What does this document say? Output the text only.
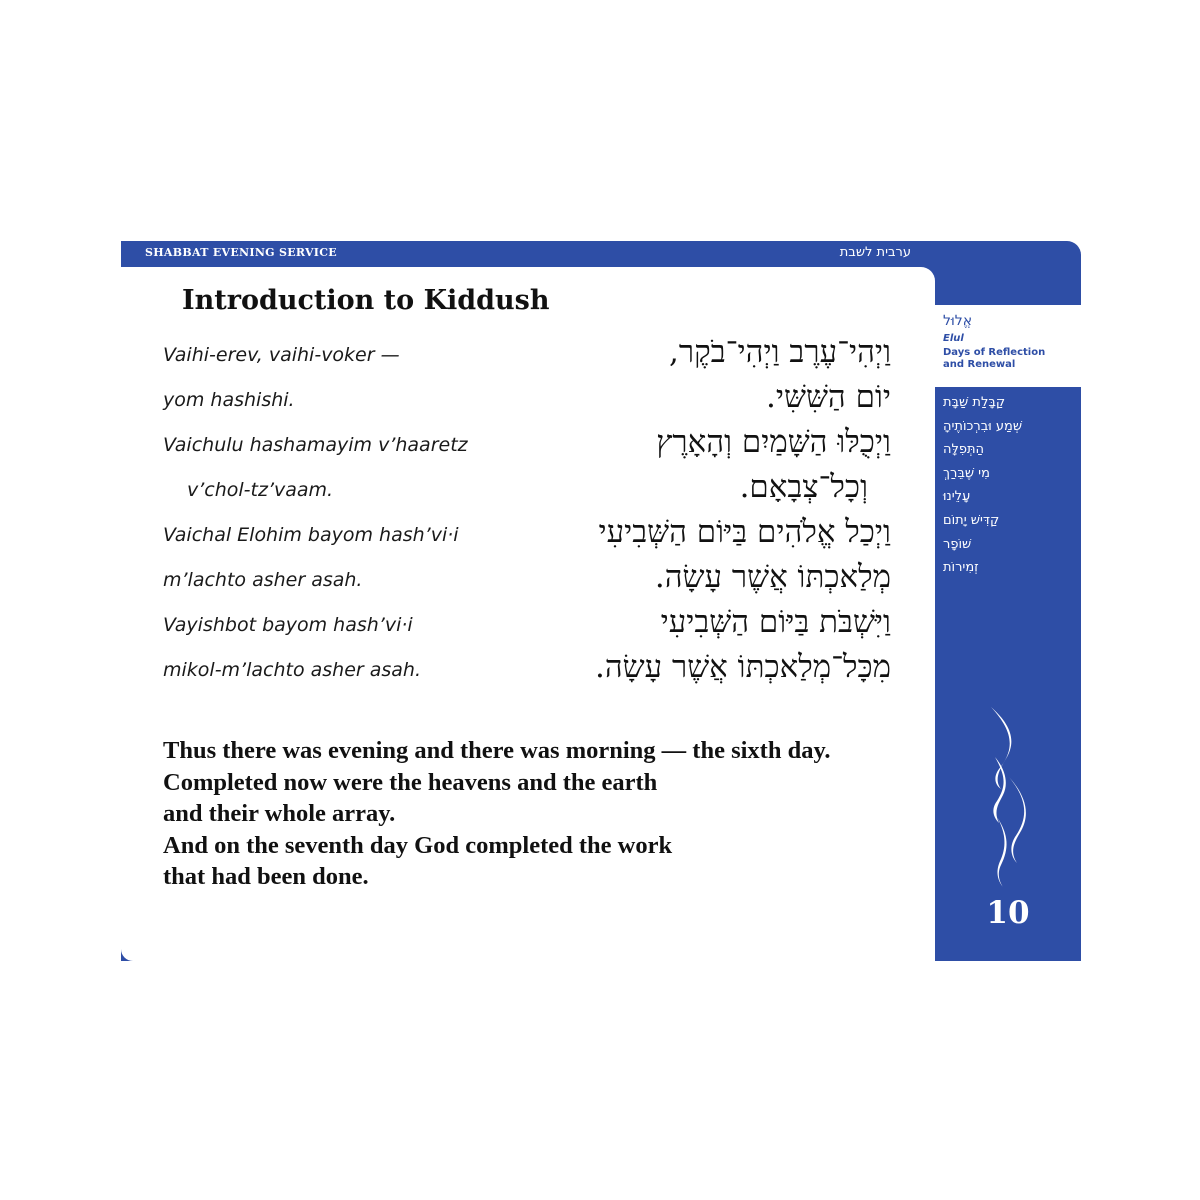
SHABBAT EVENING SERVICE	ערבית לשבת
Introduction to Kiddush
Vaihi-erev, vaihi-voker —	וַיְהִי־עֶרֶב וַיְהִי־בֹקֶר,
yom hashishi.	יוֹם הַשִּׁשִּׁי.
Vaichulu hashamayim v’haaretz	וַיְכֻלּוּ הַשָּׁמַיִם וְהָאָרֶץ
v’chol-tz’vaam.	וְכָל־צְבָאָם.
Vaichal Elohim bayom hash’vi·i	וַיְכַל אֱלֹהִים בַּיּוֹם הַשְּׁבִיעִי
m’lachto asher asah.	מְלַאכְתּוֹ אֲשֶׁר עָשָׂה.
Vayishbot bayom hash’vi·i	וַיִּשְׁבֹּת בַּיּוֹם הַשְּׁבִיעִי
mikol-m’lachto asher asah.	מִכָּל־מְלַאכְתּוֹ אֲשֶׁר עָשָׂה.
Thus there was evening and there was morning — the sixth day.
Completed now were the heavens and the earth
and their whole array.
And on the seventh day God completed the work
that had been done.
אֱלוּל
Elul
Days of Reflection and Renewal
קַבָּלַת שַׁבָּת
שְׁמַע וּבִרְכוֹתֶיהָ
הַתְּפִלָּה
מִי שֶׁבֵּרַךְ
עָלֵינוּ
קַדִּישׁ יָתוֹם
שׁוֹפָר
זְמִירוֹת
10
